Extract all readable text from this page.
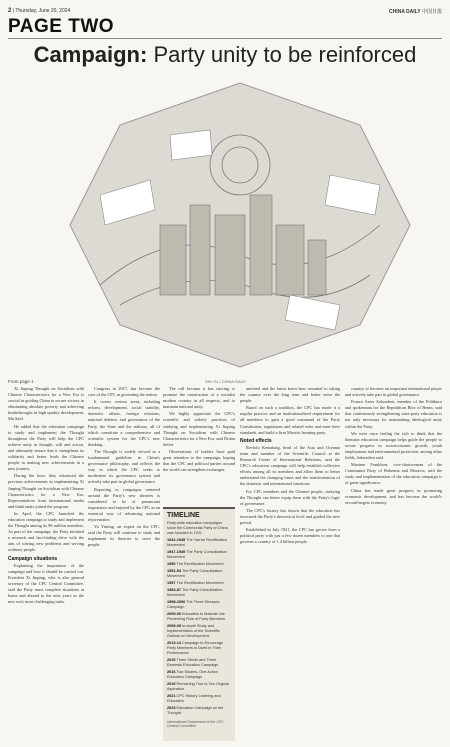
2 | Thursday, June 20, 2024	CHINA DAILY 中国日报
PAGE TWO
Campaign: Party unity to be reinforced
From page 1	SHI YU / CHINA DAILY

Xi Jinping Thought on Socialism with Chinese Characteristics for a New Era is crucial in guiding China to secure victory in eliminating absolute poverty and achieving breakthroughs in high-quality development, Mu Said.

He added that the education campaign to study and implement the Thought throughout the Party will help the CPC achieve unity in thought, will and action, and ultimately ensure that it strengthens its solidarity and better leads the Chinese people in making new achievements in a new journey.

During the hour, they witnessed the previous achievements in implementing Xi Jinping Thought on Socialism with Chinese Characteristics for a New Era. Representatives from international media and think tanks joined the program.

In April, the CPC launched the education campaign to study and implement the Thought among its 98 million members. As part of the campaign, the Party initiated a research and fact-finding drive with the aim of solving new problems and serving ordinary people.

Campaign situations

Explaining the importance of the campaign and how it should be carried out, President Xi Jinping, who is also general secretary of the CPC Central Committee, said the Party must complete situations at home and abroad in the next years as the new era's most challenging tasks.

Congress in 2017, has become the core of the CPC in governing the nation.

It covers various areas, including reform, development, social stability, domestic affairs, foreign relations, national defense, and governance of the Party, the State and the military, all of which constitute a comprehensive and scientific system for the CPC's new thinking.

The Thought is widely viewed as a fundamental guideline in China's governance philosophy, and reflects the way in which the CPC seeks to modernize its governance system and actively take part in global governance.

Reporting to campaigns centered around the Party's new theories is considered to be of paramount importance and enjoyed by the CPC as an essential way of advancing national rejuvenation.

Yu Yiming, an expert on the CPC, said the Party will continue to study and implement its theories to serve the people.

The call because it has striving to promote the construction of a socialist modern country in all respects, and to maintain national unity.

We highly appreciate the CPC's scientific and orderly practices of studying and implementing Xi Jinping Thought on Socialism with Chinese Characteristics for a New Era, said Dritan Seferi.

Observations of leaders have paid great attention to the campaign, hoping that the CPC and political parties around the world can strengthen exchanges.

TIMELINE
Party-wide education campaigns since the Communist Party of China was founded in 1921
1942-1945 The Yan'an Rectification Movement
1947-1949 The Party Consolidation Movement
1950 The Rectification Movement
1951-54 The Party Consolidation Movement
1957 The Rectification Movement
1983-87 The Party Consolidation Movement
1998-2000 The Three Stresses Campaign
2005-06 Education to Maintain the Pioneering Role of Party Members
2008-09 In-depth Study and Implementation of the Scientific Outlook on Development
2013-14 Campaign to Encourage Party Members to Dwell in Their Performance
2015 Three Stricts and Three Earnests Education Campaign
2016 Two Studies, One Action Education Campaign
2019 Remaining True to Our Original Aspiration
2021 CPC History Learning and Education
2023 Education Campaign on the Thought
International Department of the CPC Central Committee

untested and the latest know-how essential to taking the country over the long term and better serve the people.

Based on such a tradition, the CPC has made it a regular practice and an institutionalized requirement for all members to gain a good command of the Party Constitution, regulations and related rules and meet their standards, and build a firm Marxist learning party.

Noted effects

Revlolo Kemabaig, head of the Asia and Oceania team and member of the Scientific Council at the Research Center of International Relations, said the CPC's education campaign will help establish collective efforts among all its members and allow them to better understand the changing times and the transformation of the domestic and international situations.

For CPC members and the Chinese people, studying the Thought can better equip them with the Party's logic of governance.

The CPC's history has shown that the education has increased the Party's theoretical level and guided the new period.

Established in July 1921, the CPC has grown from a political party with just a few dozen members to one that governs a country of 1.4 billion people.

country to become an important international player and actively take part in global governance.

Franco Arzer Salaradeni, member of the Politburo and spokesman for the Republican Bloc of Benin, said that continuously strengthening intra-party education is not only necessary for maintaining ideological unity within the Party.

We were once feeling the rich to think that the thematic education campaign helps guide the people to secure progress in socioeconomic growth, youth employment and environmental protection, among other fields, Salaradeni said.

Maxime Franklsen, vice-chairwoman of the Communist Party of Bohemia and Moravia, said the study and implementation of the education campaign is of great significance.

China has made great progress in promoting economic development, and has become the world's second-largest economy.
